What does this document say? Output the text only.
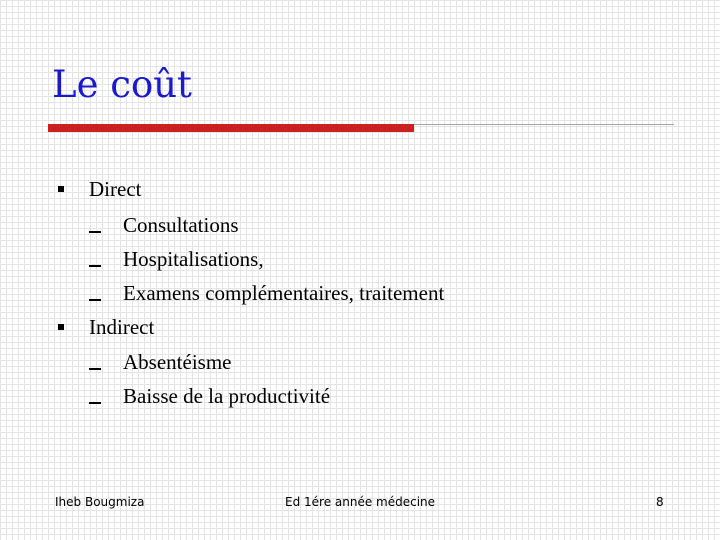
Le coût
Direct
Consultations
Hospitalisations,
Examens complémentaires, traitement
Indirect
Absentéisme
Baisse de la productivité
Iheb Bougmiza	Ed 1ére année médecine	8
